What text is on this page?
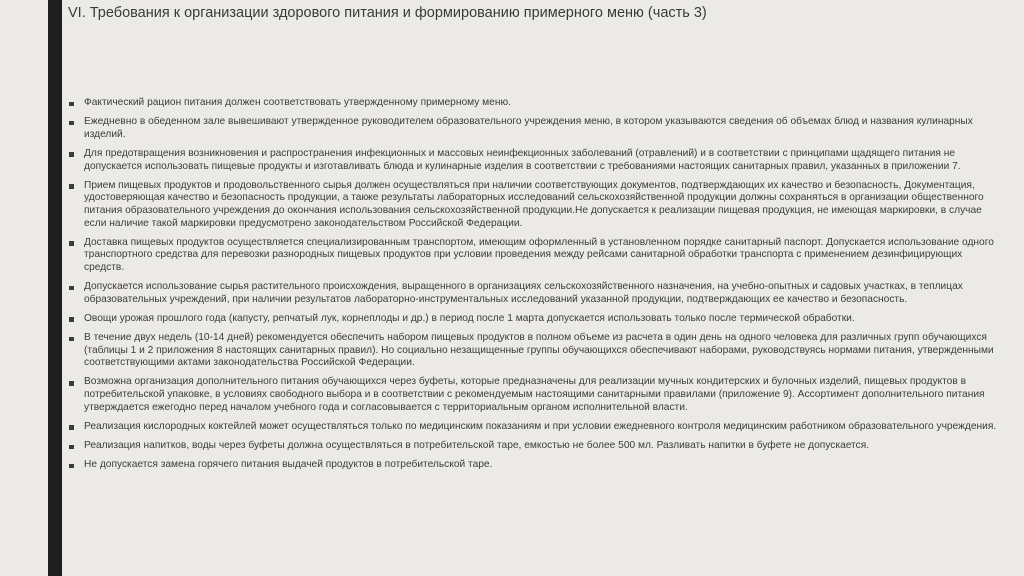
VI. Требования к организации здорового питания и формированию примерного меню (часть 3)
Фактический рацион питания должен соответствовать утвержденному примерному меню.
Ежедневно в обеденном зале вывешивают утвержденное руководителем образовательного учреждения меню, в котором указываются сведения об объемах блюд и названия кулинарных изделий.
Для предотвращения возникновения и распространения инфекционных и массовых неинфекционных заболеваний (отравлений) и в соответствии с принципами щадящего питания не допускается использовать пищевые продукты и изготавливать блюда и кулинарные изделия в соответствии с требованиями настоящих санитарных правил, указанных в приложении 7.
Прием пищевых продуктов и продовольственного сырья должен осуществляться при наличии соответствующих документов, подтверждающих их качество и безопасность, Документация, удостоверяющая качество и безопасность продукции, а также результаты лабораторных исследований сельскохозяйственной продукции должны сохраняться в организации общественного питания образовательного учреждения до окончания использования сельскохозяйственной продукции.Не допускается к реализации пищевая продукция, не имеющая маркировки, в случае если наличие такой маркировки предусмотрено законодательством Российской Федерации.
Доставка пищевых продуктов осуществляется специализированным транспортом, имеющим оформленный в установленном порядке санитарный паспорт. Допускается использование одного транспортного средства для перевозки разнородных пищевых продуктов при условии проведения между рейсами санитарной обработки транспорта с применением дезинфицирующих средств.
Допускается использование сырья растительного происхождения, выращенного в организациях сельскохозяйственного назначения, на учебно-опытных и садовых участках, в теплицах образовательных учреждений, при наличии результатов лабораторно-инструментальных исследований указанной продукции, подтверждающих ее качество и безопасность.
Овощи урожая прошлого года (капусту, репчатый лук, корнеплоды и др.) в период после 1 марта допускается использовать только после термической обработки.
В течение двух недель (10-14 дней) рекомендуется обеспечить набором пищевых продуктов в полном объеме из расчета в один день на одного человека для различных групп обучающихся (таблицы 1 и 2 приложения 8 настоящих санитарных правил). Но социально незащищенные группы обучающихся обеспечивают наборами, руководствуясь нормами питания, утвержденными соответствующими актами законодательства Российской Федерации.
Возможна организация дополнительного питания обучающихся через буфеты, которые предназначены для реализации мучных кондитерских и булочных изделий, пищевых продуктов в потребительской упаковке, в условиях свободного выбора и в соответствии с рекомендуемым настоящими санитарными правилами (приложение 9). Ассортимент дополнительного питания утверждается ежегодно перед началом учебного года и согласовывается с территориальным органом исполнительной власти.
Реализация кислородных коктейлей может осуществляться только по медицинским показаниям и при условии ежедневного контроля медицинским работником образовательного учреждения.
Реализация напитков, воды через буфеты должна осуществляться в потребительской таре, емкостью не более 500 мл. Разливать напитки в буфете не допускается.
Не допускается замена горячего питания выдачей продуктов в потребительской таре.
